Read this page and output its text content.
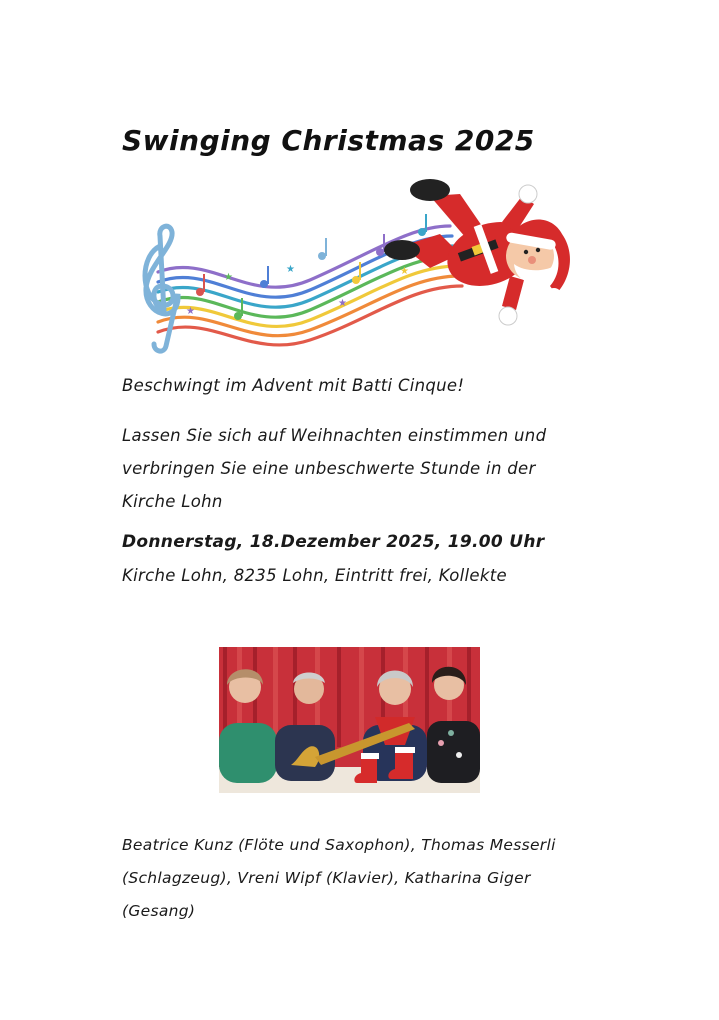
Swinging Christmas 2025
★
★
★
★
★
Beschwingt im Advent mit Batti Cinque!
Lassen Sie sich auf Weihnachten einstimmen und verbringen Sie eine unbeschwerte Stunde in der Kirche Lohn
Donnerstag, 18.Dezember 2025, 19.00 Uhr
Kirche Lohn, 8235 Lohn, Eintritt frei, Kollekte
Beatrice Kunz (Flöte und Saxophon), Thomas Messerli (Schlagzeug), Vreni Wipf (Klavier), Katharina Giger (Gesang)
